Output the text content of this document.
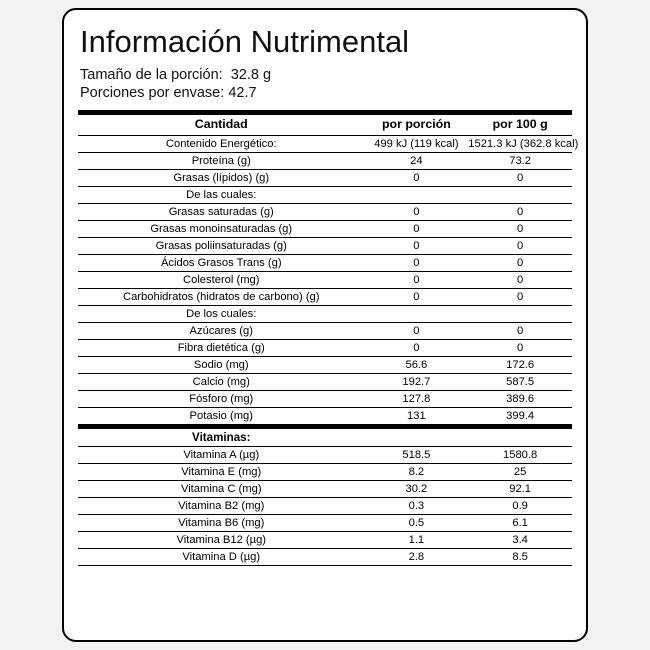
Información Nutrimental
Tamaño de la porción: 32.8 g
Porciones por envase: 42.7
Cantidad	por porción	por 100 g
Contenido Energético:	499 kJ (119 kcal)	1521.3 kJ (362.8 kcal)
Proteína (g)	24	73.2
Grasas (lípidos) (g)	0	0
De las cuales:		
Grasas saturadas (g)	0	0
Grasas monoinsaturadas (g)	0	0
Grasas poliinsaturadas (g)	0	0
Ácidos Grasos Trans (g)	0	0
Colesterol (mg)	0	0
Carbohidratos (hidratos de carbono) (g)	0	0
De los cuales:		
Azúcares (g)	0	0
Fibra dietética (g)	0	0
Sodio (mg)	56.6	172.6
Calcio (mg)	192.7	587.5
Fósforo (mg)	127.8	389.6
Potasio (mg)	131	399.4
Vitaminas:		
Vitamina A (µg)	518.5	1580.8
Vitamina E (mg)	8.2	25
Vitamina C (mg)	30.2	92.1
Vitamina B2 (mg)	0.3	0.9
Vitamina B6 (mg)	0.5	6.1
Vitamina B12 (µg)	1.1	3.4
Vitamina D (µg)	2.8	8.5
